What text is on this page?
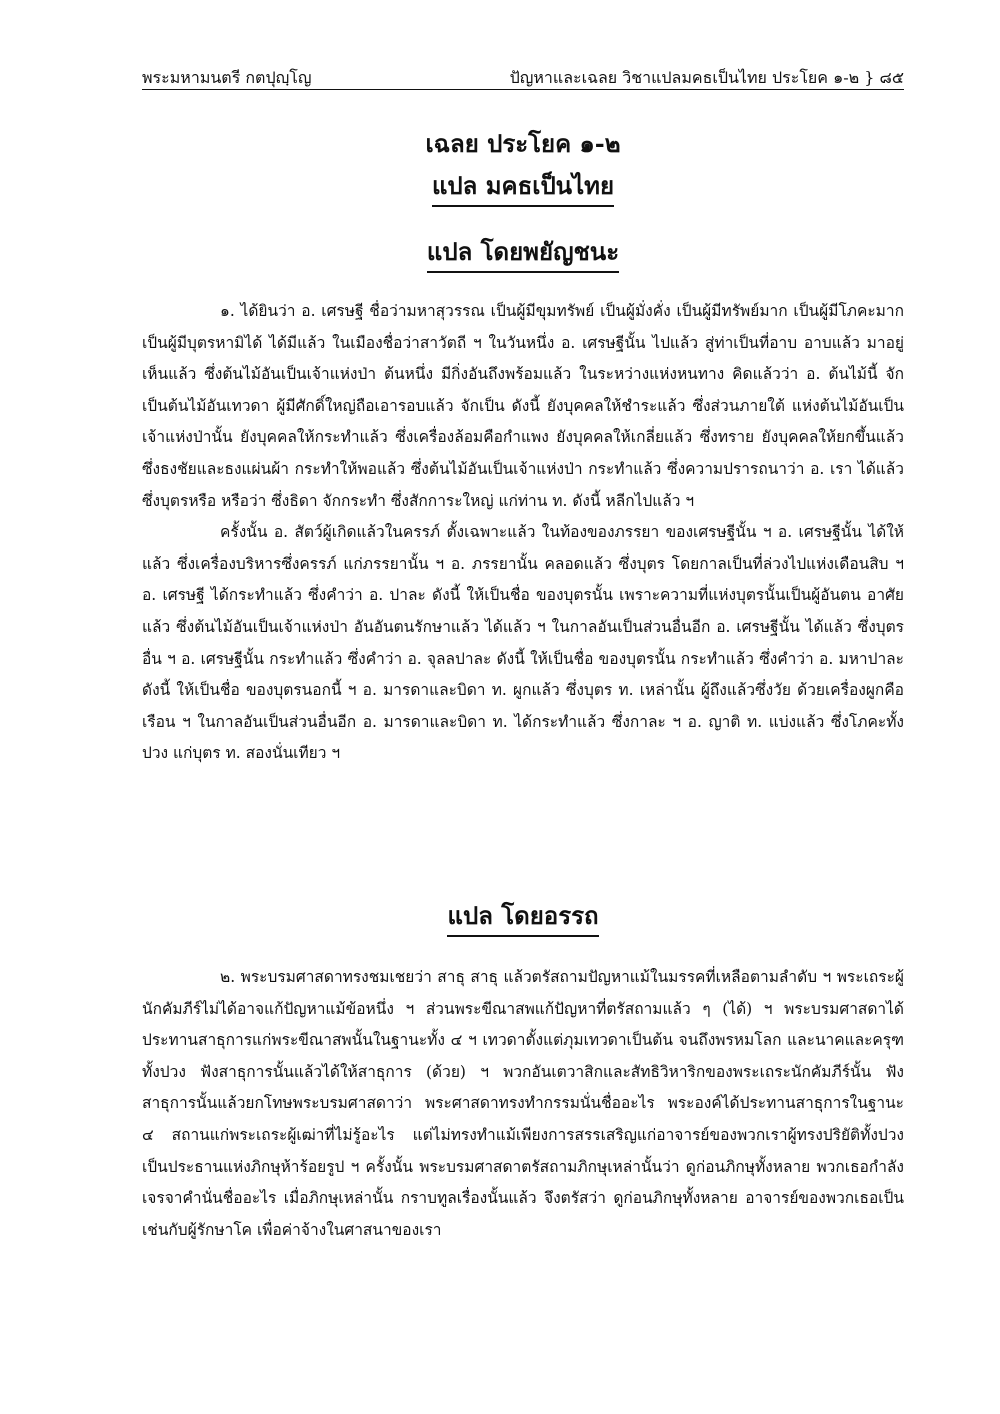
พระมหามนตรี กตปุญฺโญ	ปัญหาและเฉลย วิชาแปลมคธเป็นไทย ประโยค ๑-๒ } ๘๕
เฉลย ประโยค ๑-๒
แปล มคธเป็นไทย
แปล โดยพยัญชนะ

๑. ได้ยินว่า อ. เศรษฐี ชื่อว่ามหาสุวรรณ เป็นผู้มีขุมทรัพย์ เป็นผู้มั่งคั่ง เป็นผู้มีทรัพย์มาก เป็นผู้มีโภคะมาก เป็นผู้มีบุตรหามิได้ ได้มีแล้ว ในเมืองชื่อว่าสาวัตถี ฯ ในวันหนึ่ง อ. เศรษฐีนั้น ไปแล้ว สู่ท่าเป็นที่อาบ อาบแล้ว มาอยู่ เห็นแล้ว ซึ่งต้นไม้อันเป็นเจ้าแห่งป่า ต้นหนึ่ง มีกิ่งอันถึงพร้อมแล้ว ในระหว่างแห่งหนทาง คิดแล้วว่า อ. ต้นไม้นี้ จักเป็นต้นไม้อันเทวดา ผู้มีศักดิ์ใหญ่ถือเอารอบแล้ว จักเป็น ดังนี้ ยังบุคคลให้ชำระแล้ว ซึ่งส่วนภายใต้ แห่งต้นไม้อันเป็นเจ้าแห่งป่านั้น ยังบุคคลให้กระทำแล้ว ซึ่งเครื่องล้อมคือกำแพง ยังบุคคลให้เกลี่ยแล้ว ซึ่งทราย ยังบุคคลให้ยกขึ้นแล้ว ซึ่งธงชัยและธงแผ่นผ้า กระทำให้พอแล้ว ซึ่งต้นไม้อันเป็นเจ้าแห่งป่า กระทำแล้ว ซึ่งความปรารถนาว่า อ. เรา ได้แล้ว ซึ่งบุตรหรือ หรือว่า ซึ่งธิดา จักกระทำ ซึ่งสักการะใหญ่ แก่ท่าน ท. ดังนี้ หลีกไปแล้ว ฯ

ครั้งนั้น อ. สัตว์ผู้เกิดแล้วในครรภ์ ตั้งเฉพาะแล้ว ในท้องของภรรยา ของเศรษฐีนั้น ฯ อ. เศรษฐีนั้น ได้ให้แล้ว ซึ่งเครื่องบริหารซึ่งครรภ์ แก่ภรรยานั้น ฯ อ. ภรรยานั้น คลอดแล้ว ซึ่งบุตร โดยกาลเป็นที่ล่วงไปแห่งเดือนสิบ ฯ อ. เศรษฐี ได้กระทำแล้ว ซึ่งคำว่า อ. ปาละ ดังนี้ ให้เป็นชื่อ ของบุตรนั้น เพราะความที่แห่งบุตรนั้นเป็นผู้อันตน อาศัยแล้ว ซึ่งต้นไม้อันเป็นเจ้าแห่งป่า อันอันตนรักษาแล้ว ได้แล้ว ฯ ในกาลอันเป็นส่วนอื่นอีก อ. เศรษฐีนั้น ได้แล้ว ซึ่งบุตรอื่น ฯ อ. เศรษฐีนั้น กระทำแล้ว ซึ่งคำว่า อ. จุลลปาละ ดังนี้ ให้เป็นชื่อ ของบุตรนั้น กระทำแล้ว ซึ่งคำว่า อ. มหาปาละ ดังนี้ ให้เป็นชื่อ ของบุตรนอกนี้ ฯ อ. มารดาและบิดา ท. ผูกแล้ว ซึ่งบุตร ท. เหล่านั้น ผู้ถึงแล้วซึ่งวัย ด้วยเครื่องผูกคือเรือน ฯ ในกาลอันเป็นส่วนอื่นอีก อ. มารดาและบิดา ท. ได้กระทำแล้ว ซึ่งกาละ ฯ อ. ญาติ ท. แบ่งแล้ว ซึ่งโภคะทั้งปวง แก่บุตร ท. สองนั่นเทียว ฯ

แปล โดยอรรถ

๒. พระบรมศาสดาทรงชมเชยว่า สาธุ สาธุ แล้วตรัสถามปัญหาแม้ในมรรคที่เหลือตามลำดับ ฯ พระเถระผู้นักคัมภีร์ไม่ได้อาจแก้ปัญหาแม้ข้อหนึ่ง ฯ ส่วนพระขีณาสพแก้ปัญหาที่ตรัสถามแล้ว ๆ (ได้) ฯ พระบรมศาสดาได้ประทานสาธุการแก่พระขีณาสพนั้นในฐานะทั้ง ๔ ฯ เทวดาตั้งแต่ภุมเทวดาเป็นต้น จนถึงพรหมโลก และนาคและครุฑทั้งปวง ฟังสาธุการนั้นแล้วได้ให้สาธุการ (ด้วย) ฯ พวกอันเตวาสิกและสัทธิวิหาริกของพระเถระนักคัมภีร์นั้น ฟังสาธุการนั้นแล้วยกโทษพระบรมศาสดาว่า พระศาสดาทรงทำกรรมนั่นชื่ออะไร พระองค์ได้ประทานสาธุการในฐานะ ๔ สถานแก่พระเถระผู้เฒ่าที่ไม่รู้อะไร แต่ไม่ทรงทำแม้เพียงการสรรเสริญแก่อาจารย์ของพวกเราผู้ทรงปริยัติทั้งปวง เป็นประธานแห่งภิกษุห้าร้อยรูป ฯ ครั้งนั้น พระบรมศาสดาตรัสถามภิกษุเหล่านั้นว่า ดูก่อนภิกษุทั้งหลาย พวกเธอกำลังเจรจาคำนั่นชื่ออะไร เมื่อภิกษุเหล่านั้น กราบทูลเรื่องนั้นแล้ว จึงตรัสว่า ดูก่อนภิกษุทั้งหลาย อาจารย์ของพวกเธอเป็นเช่นกับผู้รักษาโค เพื่อค่าจ้างในศาสนาของเรา
